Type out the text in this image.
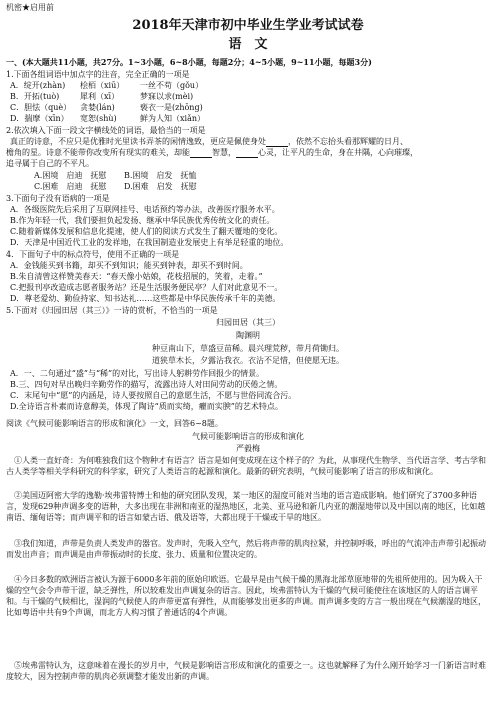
机密★启用前
2018年天津市初中毕业生学业考试试卷
语　文
一、(本大题共11小题，共27分。1~3小题，6~8小题，每题2分；4~5小题，9~11小题，每题3分)
1.下面各组词语中加点字的注音，完全正确的一项是
A．绽开(zhàn)	桧栢（xiū）	一丝不苟（gǒu）
B．开拓(tuò)	犀利（xī）	梦寐以求(mèi)
C．胆怯（què）	贪婪(lán)	亵衣一是(zhōng)
D．揣摩（xīn）	宽恕(shù)	鲜为人知（xiǎn）
2.依次填入下面一段文字横线处的词语，最恰当的一项是
真正的诗意，不应只是优雅时光里读书弄茶的闲情逸致，更应是佩使身处	，依然不忘抬头看那辉耀的日月、
檐角的星。诗意不能带你改变所有现实的难关，却能	智慧，	心灵，让平凡的生命，身在井隅，心向璀璨，
追寻属于自己的不平凡。
A.困境　启迪　抚慰	B.困境　启发　抚恤
C.困难　启迪　抚慰	D.困难　启发　抚慰
3.下面句子没有语病的一项是
A．各级医院先后采用了互联网挂号、电话预约等办法，改善医疗服务水平。
B.作为年轻一代，我们要担负起发扬、继承中华民族优秀传统文化的责任。
C.随着新媒体发展和信息化提速，使人们的阅读方式发生了翻天覆地的变化。
D．天津是中国近代工业的发祥地，在我国制造业发展史上有举足轻重的地位。
4．下面句子中的标点符号，使用不正确的一项是
A．金钱能买到书籍，却买不到知识；能买到钟表，却买不到时间。
B.朱自清曾这样赞美春天：“春天像小姑娘，花枝招展的，笑着，走着。”
C.把报刊亭改造成志愿者服务站？还是生活服务便民亭？人们对此意见不一。
D．尊老爱幼、勤俭持家、知书达礼……这些都是中华民族传承千年的美德。
5.下面对《归园田居（其三）》一诗的赏析，不恰当的一项是
归园田居（其三）
陶渊明
种豆南山下，草盛豆苗稀。晨兴理荒秽，带月荷锄归。
道狭草木长，夕露沾我衣。衣沾不足惜，但使愿无违。
A．一、二句通过“盛”与“稀”的对比，写出诗人躬耕劳作回报少的情景。
B.三、四句对早出晚归辛勤劳作的描写，流露出诗人对田间劳动的厌倦之情。
C．末尾句中“愿”的内涵是，诗人要按照自己的意愿生活，不愿与世俗同流合污。
D.全诗语言朴素而诗意醇美，体现了陶诗“质而实绮，癯而实腴”的艺术特点。
阅读《气候可能影响语言的形成和演化》一文，回答6~8题。
气候可能影响语言的形成和演化
严毅梅
①人类一直好奇：为何唯独我们这个物种才有语言？语言是如何变成现在这个样子的？为此，从事现代生物学、当代语言学、考古学和古人类学等相关学科研究的科学家，研究了人类语言的起源和演化。最新的研究表明，气候可能影响了语言的形成和演化。
②美国迈阿密大学的逸勒·埃弗雷特博士和他的研究团队发现，某一地区的湿度可能对当地的语言造成影响。他们研究了3700多种语言，发现629种声调多变的语种，大多出现在非洲和南亚的湿热地区，北美、亚马逊和新几内亚的潮湿地带以及中国以南的地区，比如越南语、缅甸语等；而声调平和的语言如蒙古语、俄及语等，大都出现于干燥或干旱的地区。
③我们知道，声带是负责人类发声的器官。发声时，先吸入空气，然后将声带的肌肉拉紧，并控制呼吸，呼出的气流冲击声带引起振动而发出声音；而声调是由声带振动时的长度、张力、质量和位置决定的。
④今日多数的欧洲语言被认为源于6000多年前的原始印欧语。它最早是由气候干燥的黑海北部草原地带的先祖所使用的。因为吸入干燥的空气会令声带干涩，缺乏弹性，所以较难发出声调复杂的语言。因此，埃弗雷特认为干燥的气候可能使往在该地区的人的语言调平和。与干燥的气候相比，湿润的气候使人的声带更富有弹性，从而能够发出更多的声调。而声调多变的方言一般出现在气候潮湿的地区，比如粤语中共有9个声调，而北方人构习惯了普通话的4个声调。
⑤埃弗雷特认为，这意味着在漫长的岁月中，气候是影响语言形成和演化的重要之一。这也就解释了为什么刚开始学习一门新语言时难度较大，因为控制声带的肌肉必须调整才能发出新的声调。
